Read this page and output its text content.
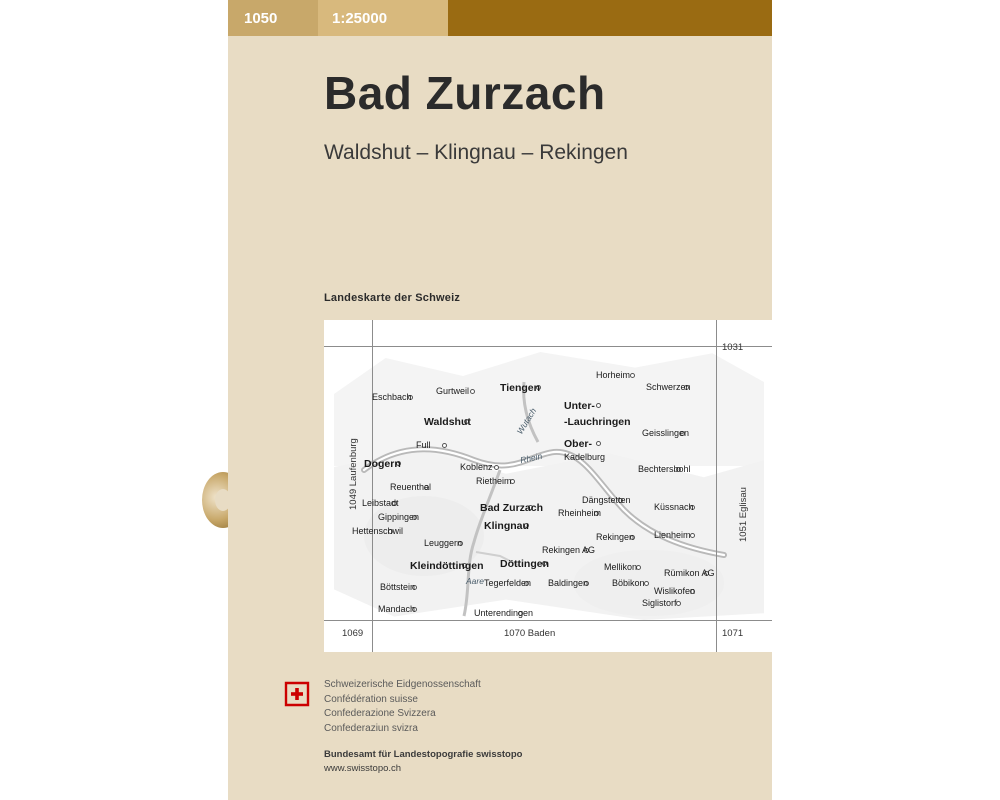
1050	1:25000
Bad Zurzach

Waldshut – Klingnau – Rekingen

Landeskarte der Schweiz
Eschbach
Gurtweil	Tiengen
Horheim
Schwerzen
Waldshut
Unter-
-Lauchringen
Geisslingen
Ober-
Kadelburg
Full
Dogern	Koblenz
Rietheim
Bechtersbohl
Reuenthal
Dängstetten
Küssnach
Leibstadt	Bad Zurzach Rheinheim
Gippingen
Klingnau
Hettenschwil
Leuggern
Rekingen Lienheim
Rekingen AG
Kleindöttingen Döttingen	Mellikon
Rümikon AG
Böbikon
Tegerfelden Baldingen
Wislikofen
Böttstein
Siglistorf
Mandach	Unterendingen
Wutach
Rhein
Aare
1031
1051 Eglisau
1049 Laufenburg
1069	1070 Baden	1071
Schweizerische Eidgenossenschaft
Confédération suisse
Confederazione Svizzera
Confederaziun svizra
Bundesamt für Landestopografie swisstopo
www.swisstopo.ch
